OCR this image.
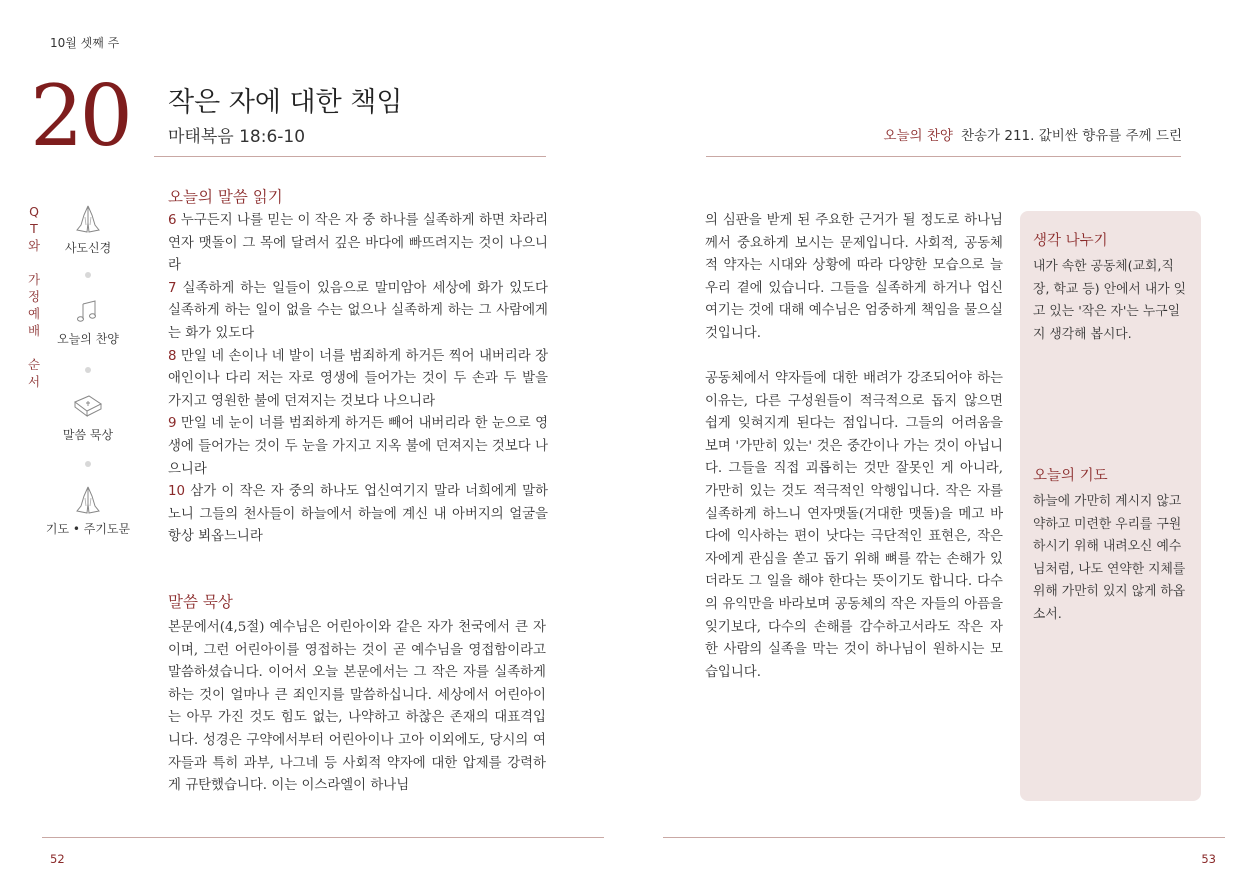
10월 셋째 주
20 작은 자에 대한 책임
마태복음 18:6-10
Q
T
와
가
정
예
배
순
서
사도신경
오늘의 찬양
말씀 묵상
기도 • 주기도문
오늘의 말씀 읽기
6 누구든지 나를 믿는 이 작은 자 중 하나를 실족하게 하면 차라리 연자 맷돌이 그 목에 달려서 깊은 바다에 빠뜨려지는 것이 나으니라
7 실족하게 하는 일들이 있음으로 말미암아 세상에 화가 있도다 실족하게 하는 일이 없을 수는 없으나 실족하게 하는 그 사람에게는 화가 있도다
8 만일 네 손이나 네 발이 너를 범죄하게 하거든 찍어 내버리라 장애인이나 다리 저는 자로 영생에 들어가는 것이 두 손과 두 발을 가지고 영원한 불에 던져지는 것보다 나으니라
9 만일 네 눈이 너를 범죄하게 하거든 빼어 내버리라 한 눈으로 영생에 들어가는 것이 두 눈을 가지고 지옥 불에 던져지는 것보다 나으니라
10 삼가 이 작은 자 중의 하나도 업신여기지 말라 너희에게 말하노니 그들의 천사들이 하늘에서 하늘에 계신 내 아버지의 얼굴을 항상 뵈옵느니라
말씀 묵상
본문에서(4,5절) 예수님은 어린아이와 같은 자가 천국에서 큰 자이며, 그런 어린아이를 영접하는 것이 곧 예수님을 영접함이라고 말씀하셨습니다. 이어서 오늘 본문에서는 그 작은 자를 실족하게 하는 것이 얼마나 큰 죄인지를 말씀하십니다. 세상에서 어린아이는 아무 가진 것도 힘도 없는, 나약하고 하찮은 존재의 대표격입니다. 성경은 구약에서부터 어린아이나 고아 이외에도, 당시의 여자들과 특히 과부, 나그네 등 사회적 약자에 대한 압제를 강력하게 규탄했습니다. 이는 이스라엘이 하나님
52
오늘의 찬양 찬송가 211. 값비싼 향유를 주께 드린
의 심판을 받게 된 주요한 근거가 될 정도로 하나님께서 중요하게 보시는 문제입니다. 사회적, 공동체적 약자는 시대와 상황에 따라 다양한 모습으로 늘 우리 곁에 있습니다. 그들을 실족하게 하거나 업신여기는 것에 대해 예수님은 엄중하게 책임을 물으실 것입니다.
공동체에서 약자들에 대한 배려가 강조되어야 하는 이유는, 다른 구성원들이 적극적으로 돕지 않으면 쉽게 잊혀지게 된다는 점입니다. 그들의 어려움을 보며 '가만히 있는' 것은 중간이나 가는 것이 아닙니다. 그들을 직접 괴롭히는 것만 잘못인 게 아니라, 가만히 있는 것도 적극적인 악행입니다. 작은 자를 실족하게 하느니 연자맷돌(거대한 맷돌)을 메고 바다에 익사하는 편이 낫다는 극단적인 표현은, 작은 자에게 관심을 쏟고 돕기 위해 뼈를 깎는 손해가 있더라도 그 일을 해야 한다는 뜻이기도 합니다. 다수의 유익만을 바라보며 공동체의 작은 자들의 아픔을 잊기보다, 다수의 손해를 감수하고서라도 작은 자 한 사람의 실족을 막는 것이 하나님이 원하시는 모습입니다.
생각 나누기
내가 속한 공동체(교회,직장, 학교 등) 안에서 내가 잊고 있는 '작은 자'는 누구일지 생각해 봅시다.
오늘의 기도
하늘에 가만히 계시지 않고 약하고 미련한 우리를 구원하시기 위해 내려오신 예수님처럼, 나도 연약한 지체를 위해 가만히 있지 않게 하옵소서.
53
